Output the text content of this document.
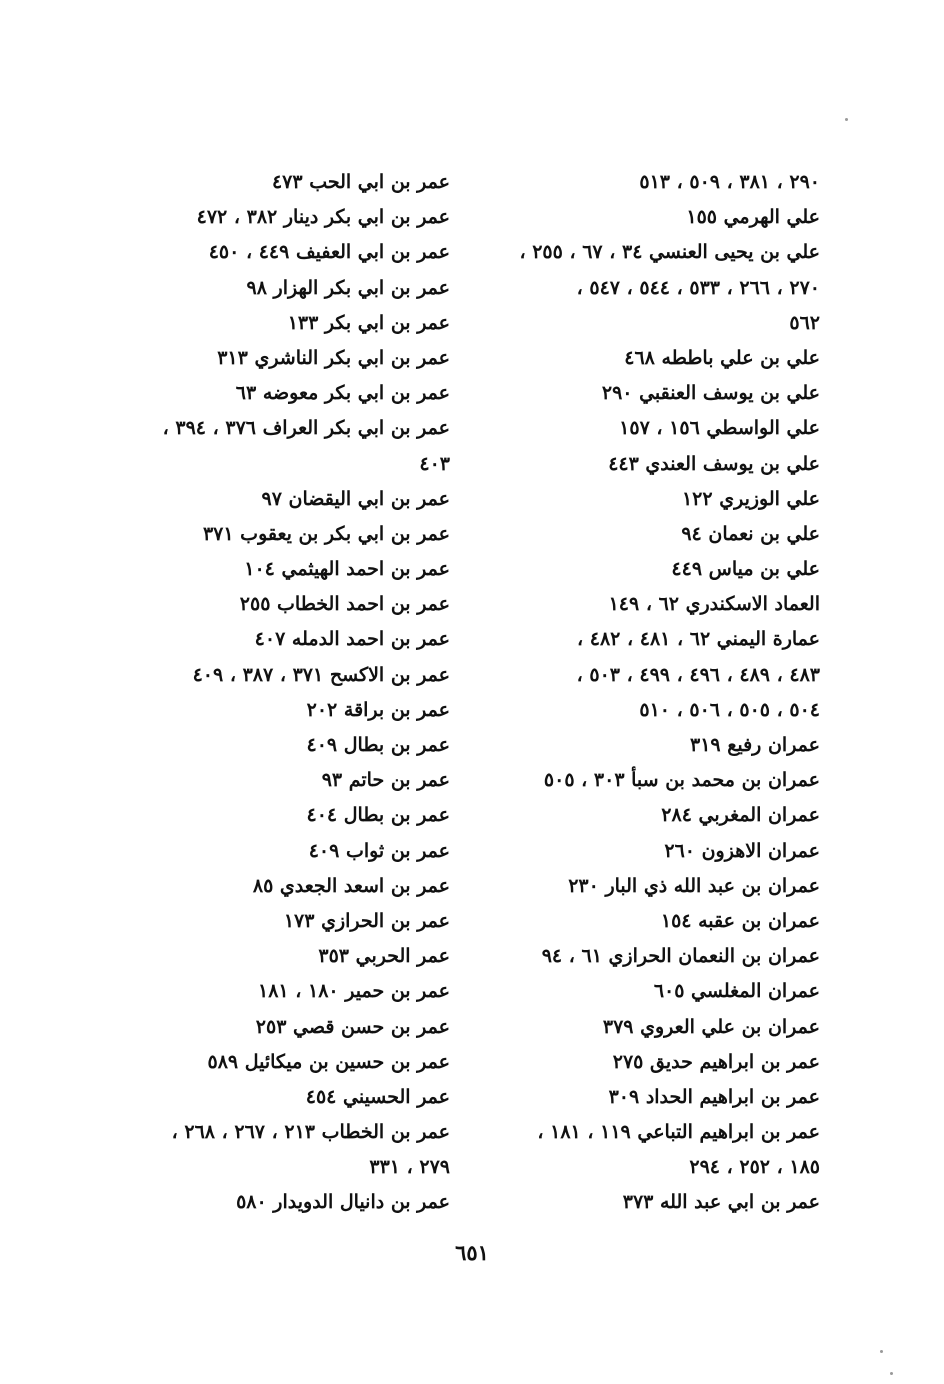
٢٩٠ ، ٣٨١ ، ٥٠٩ ، ٥١٣
علي الهرمي ١٥٥
علي بن يحيى العنسي ٣٤ ، ٦٧ ، ٢٥٥ ،
٢٧٠ ، ٢٦٦ ، ٥٣٣ ، ٥٤٤ ، ٥٤٧ ،
٥٦٢
علي بن علي باططه ٤٦٨
علي بن يوسف العنقبي ٢٩٠
علي الواسطي ١٥٦ ، ١٥٧
علي بن يوسف العندي ٤٤٣
علي الوزيري ١٢٢
علي بن نعمان ٩٤
علي بن مياس ٤٤٩
العماد الاسكندري ٦٢ ، ١٤٩
عمارة اليمني ٦٢ ، ٤٨١ ، ٤٨٢ ،
٤٨٣ ، ٤٨٩ ، ٤٩٦ ، ٤٩٩ ، ٥٠٣ ،
٥٠٤ ، ٥٠٥ ، ٥٠٦ ، ٥١٠
عمران رفيع ٣١٩
عمران بن محمد بن سبأ ٣٠٣ ، ٥٠٥
عمران المغربي ٢٨٤
عمران الاهزون ٢٦٠
عمران بن عبد الله ذي البار ٢٣٠
عمران بن عقبه ١٥٤
عمران بن النعمان الحرازي ٦١ ، ٩٤
عمران المغلسي ٦٠٥
عمران بن علي العروي ٣٧٩
عمر بن ابراهيم حديق ٢٧٥
عمر بن ابراهيم الحداد ٣٠٩
عمر بن ابراهيم التباعي ١١٩ ، ١٨١ ،
١٨٥ ، ٢٥٢ ، ٢٩٤
عمر بن ابي عبد الله ٣٧٣
عمر بن ابي الحب ٤٧٣
عمر بن ابي بكر دينار ٣٨٢ ، ٤٧٢
عمر بن ابي العفيف ٤٤٩ ، ٤٥٠
عمر بن ابي بكر الهزار ٩٨
عمر بن ابي بكر ١٣٣
عمر بن ابي بكر الناشري ٣١٣
عمر بن ابي بكر معوضه ٦٣
عمر بن ابي بكر العراف ٣٧٦ ، ٣٩٤ ،
٤٠٣
عمر بن ابي اليقضان ٩٧
عمر بن ابي بكر بن يعقوب ٣٧١
عمر بن احمد الهيثمي ١٠٤
عمر بن احمد الخطاب ٢٥٥
عمر بن احمد الدمله ٤٠٧
عمر بن الاكسح ٣٧١ ، ٣٨٧ ، ٤٠٩
عمر بن براقة ٢٠٢
عمر بن بطال ٤٠٩
عمر بن حاتم ٩٣
عمر بن بطال ٤٠٤
عمر بن ثواب ٤٠٩
عمر بن اسعد الجعدي ٨٥
عمر بن الحرازي ١٧٣
عمر الحربي ٣٥٣
عمر بن حمير ١٨٠ ، ١٨١
عمر بن حسن قصي ٢٥٣
عمر بن حسين بن ميكائيل ٥٨٩
عمر الحسيني ٤٥٤
عمر بن الخطاب ٢١٣ ، ٢٦٧ ، ٢٦٨ ،
٢٧٩ ، ٣٣١
عمر بن دانيال الدويدار ٥٨٠
٦٥١
